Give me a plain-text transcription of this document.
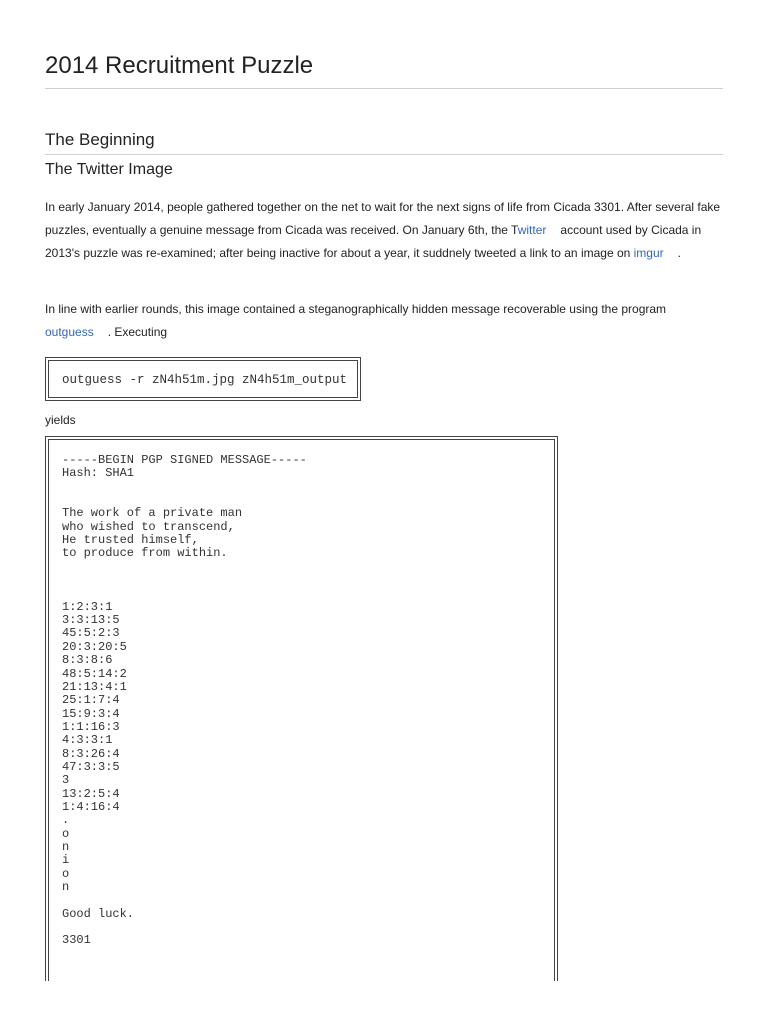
2014 Recruitment Puzzle
The Beginning
The Twitter Image
In early January 2014, people gathered together on the net to wait for the next signs of life from Cicada 3301. After several fake puzzles, eventually a genuine message from Cicada was received. On January 6th, the Twitter account used by Cicada in 2013's puzzle was re-examined; after being inactive for about a year, it suddnely tweeted a link to an image on imgur .
In line with earlier rounds, this image contained a steganographically hidden message recoverable using the program
outguess . Executing
outguess -r zN4h51m.jpg zN4h51m_output
yields
-----BEGIN PGP SIGNED MESSAGE-----
Hash: SHA1

The work of a private man
who wished to transcend,
He trusted himself,
to produce from within.

1:2:3:1
3:3:13:5
45:5:2:3
20:3:20:5
8:3:8:6
48:5:14:2
21:13:4:1
25:1:7:4
15:9:3:4
1:1:16:3
4:3:3:1
8:3:26:4
47:3:3:5
3
13:2:5:4
1:4:16:4
.
o
n
i
o
n

Good luck.

3301
